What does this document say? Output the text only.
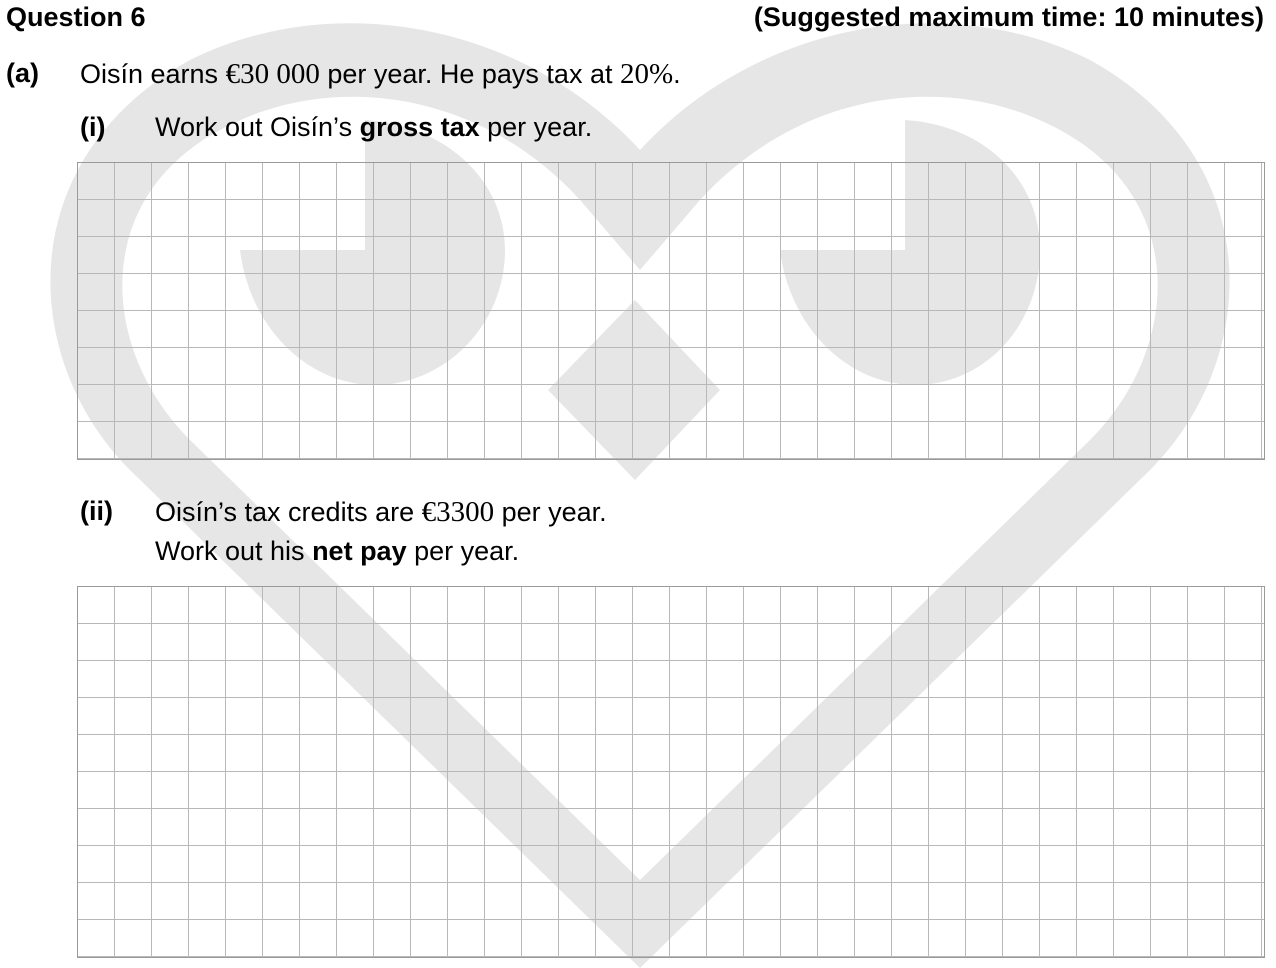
Question 6	(Suggested maximum time: 10 minutes)
(a) Oisín earns €30 000 per year. He pays tax at 20%.
(i) Work out Oisín’s gross tax per year.
(ii) Oisín’s tax credits are €3300 per year.
Work out his net pay per year.
